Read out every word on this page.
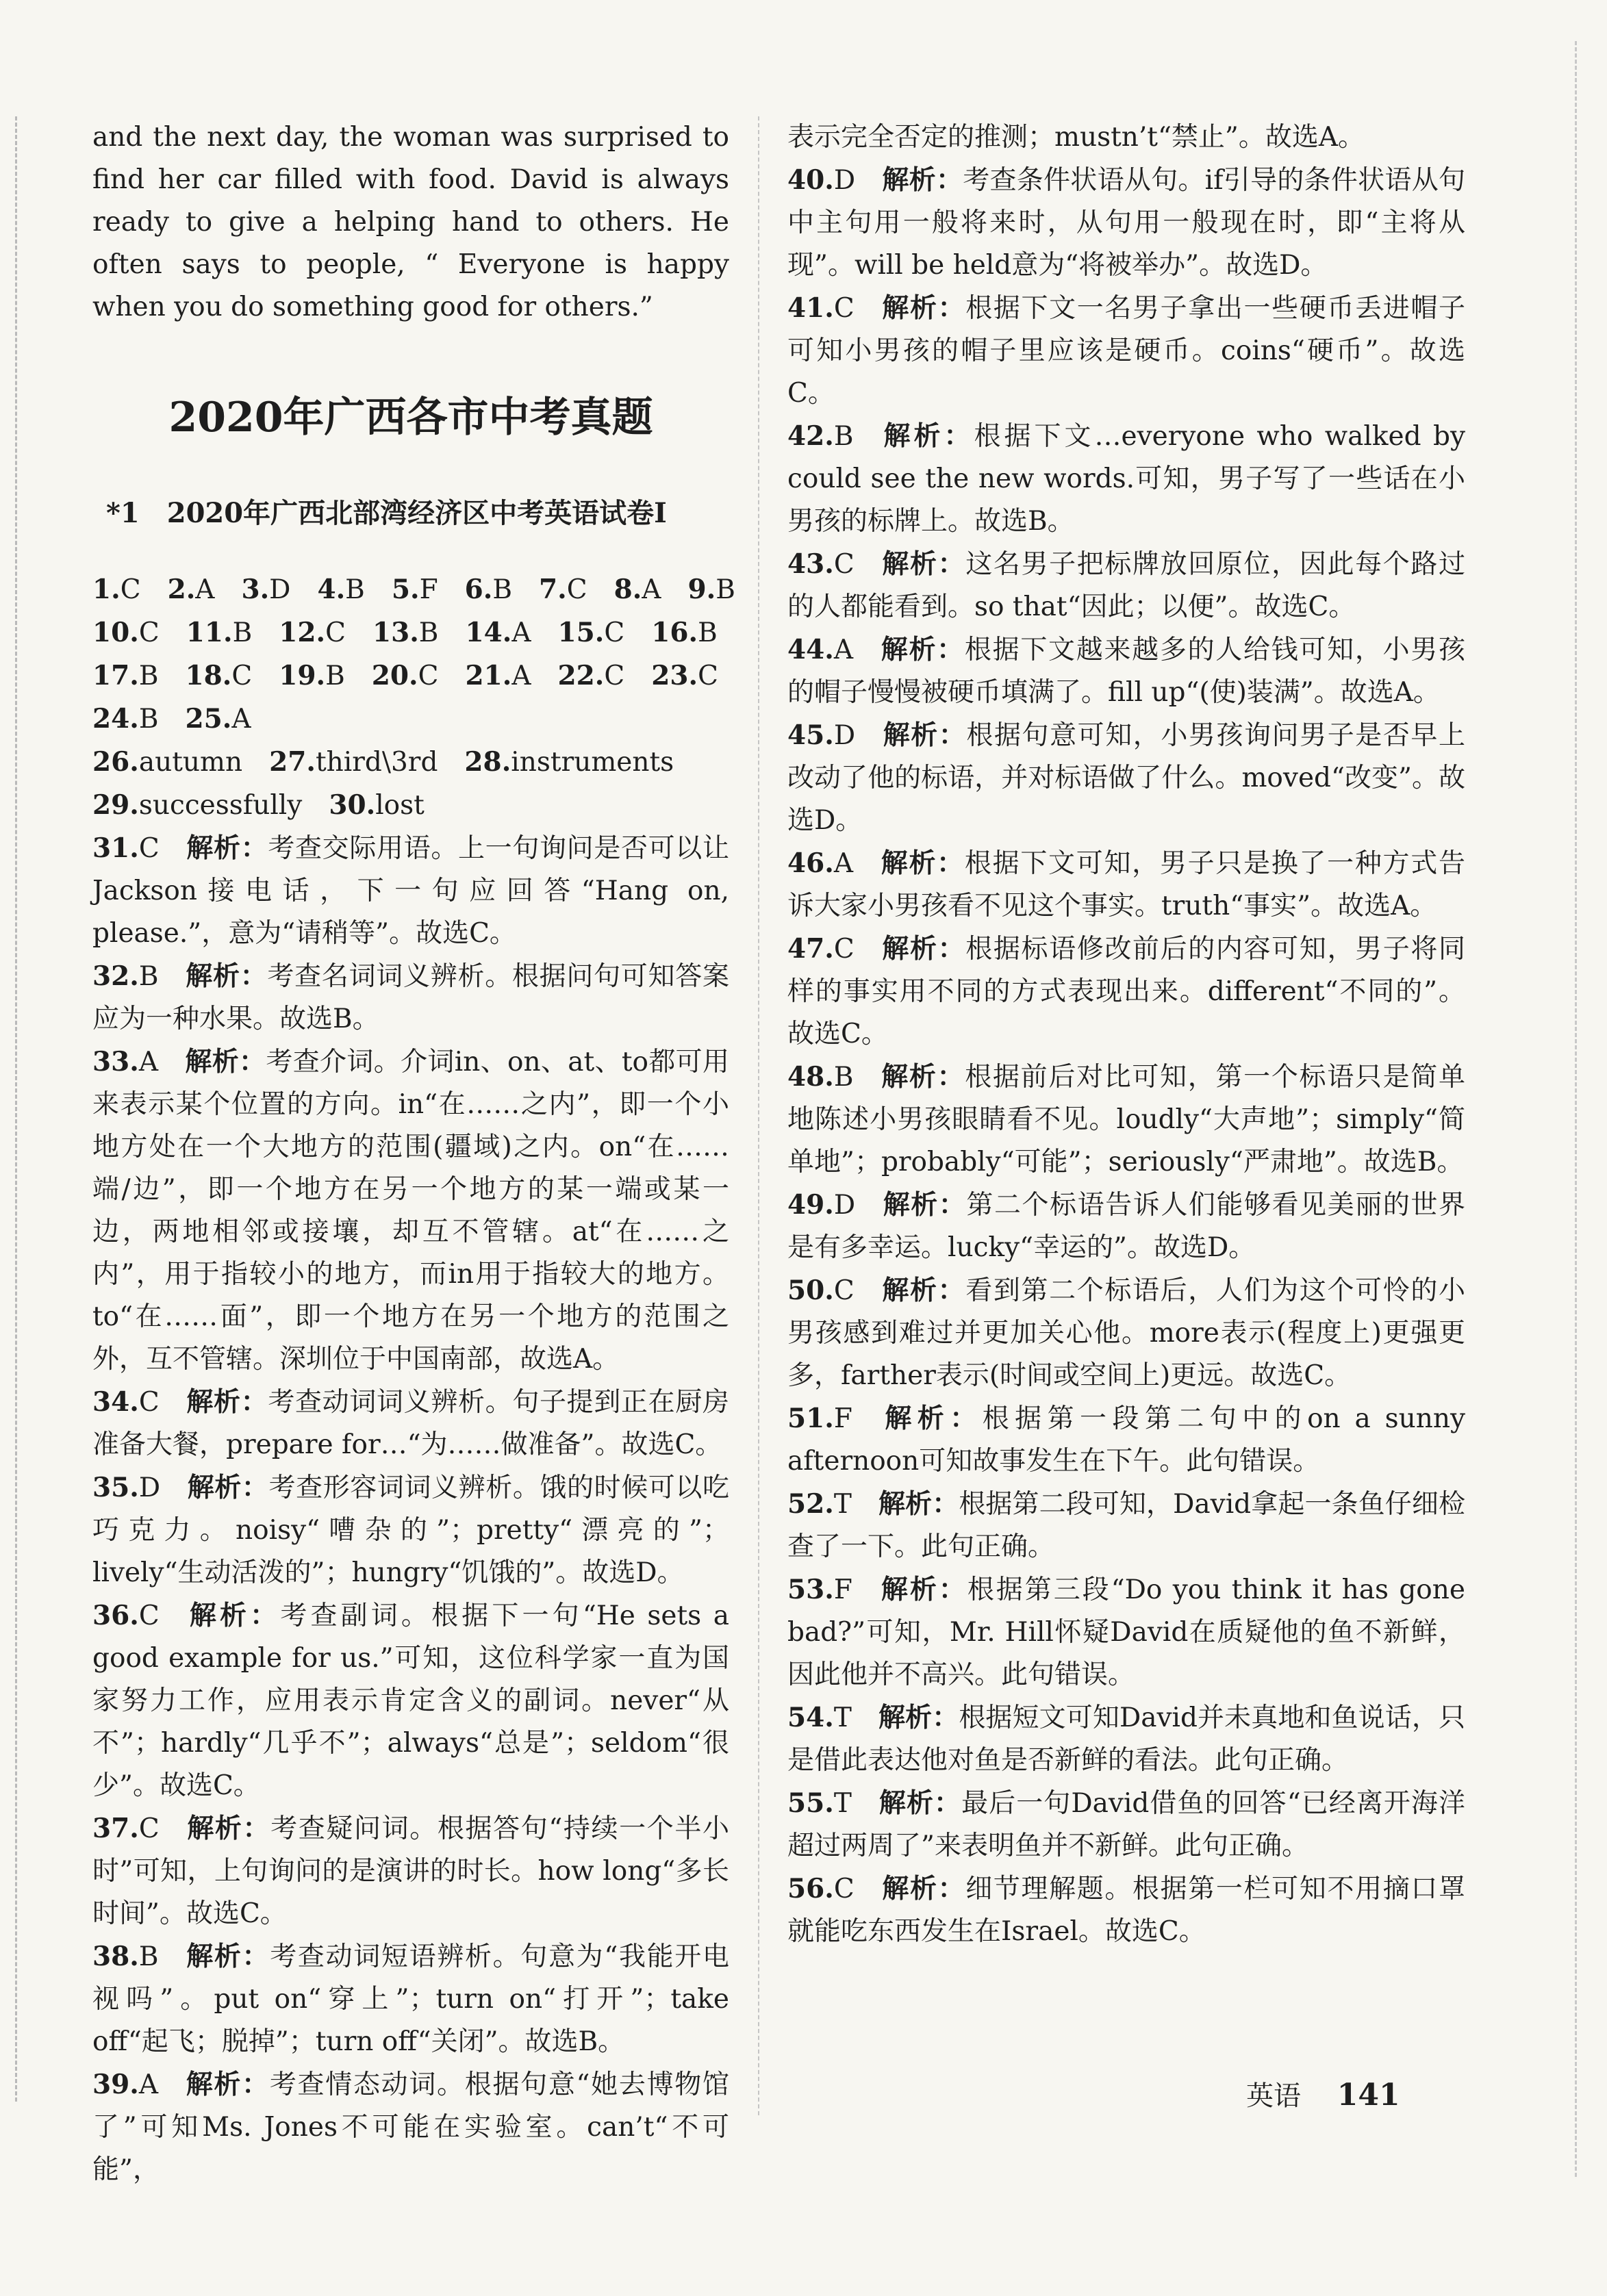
and the next day, the woman was surprised to find her car filled with food. David is always ready to give a helping hand to others. He often says to people, “ Everyone is happy when you do something good for others.”

2020年广西各市中考真题
*1　2020年广西北部湾经济区中考英语试卷Ⅰ
1.C  2.A  3.D  4.B  5.F  6.B  7.C  8.A  9.B
10.C  11.B  12.C  13.B  14.A  15.C  16.B
17.B  18.C  19.B  20.C  21.A  22.C  23.C
24.B  25.A
26.autumn  27.third\3rd  28.instruments
29.successfully  30.lost

31.C  解析：考查交际用语。上一句询问是否可以让Jackson接电话，下一句应回答“Hang on, please.”，意为“请稍等”。故选C。

32.B  解析：考查名词词义辨析。根据问句可知答案应为一种水果。故选B。

33.A  解析：考查介词。介词in、on、at、to都可用来表示某个位置的方向。in“在……之内”，即一个小地方处在一个大地方的范围(疆域)之内。on“在……端/边”，即一个地方在另一个地方的某一端或某一边，两地相邻或接壤，却互不管辖。at“在……之内”，用于指较小的地方，而in用于指较大的地方。to“在……面”，即一个地方在另一个地方的范围之外，互不管辖。深圳位于中国南部，故选A。

34.C  解析：考查动词词义辨析。句子提到正在厨房准备大餐，prepare for…“为……做准备”。故选C。

35.D  解析：考查形容词词义辨析。饿的时候可以吃巧克力。noisy“嘈杂的”；pretty“漂亮的”；lively“生动活泼的”；hungry“饥饿的”。故选D。

36.C  解析：考查副词。根据下一句“He sets a good example for us.”可知，这位科学家一直为国家努力工作，应用表示肯定含义的副词。never“从不”；hardly“几乎不”；always“总是”；seldom“很少”。故选C。

37.C  解析：考查疑问词。根据答句“持续一个半小时”可知，上句询问的是演讲的时长。how long“多长时间”。故选C。

38.B  解析：考查动词短语辨析。句意为“我能开电视吗”。put on“穿上”；turn on“打开”；take off“起飞；脱掉”；turn off“关闭”。故选B。

39.A  解析：考查情态动词。根据句意“她去博物馆了”可知Ms. Jones不可能在实验室。can’t“不可能”，

表示完全否定的推测；mustn’t“禁止”。故选A。

40.D  解析：考查条件状语从句。if引导的条件状语从句中主句用一般将来时，从句用一般现在时，即“主将从现”。will be held意为“将被举办”。故选D。

41.C  解析：根据下文一名男子拿出一些硬币丢进帽子可知小男孩的帽子里应该是硬币。coins“硬币”。故选C。

42.B  解析：根据下文…everyone who walked by could see the new words.可知，男子写了一些话在小男孩的标牌上。故选B。

43.C  解析：这名男子把标牌放回原位，因此每个路过的人都能看到。so that“因此；以便”。故选C。

44.A  解析：根据下文越来越多的人给钱可知，小男孩的帽子慢慢被硬币填满了。fill up“(使)装满”。故选A。

45.D  解析：根据句意可知，小男孩询问男子是否早上改动了他的标语，并对标语做了什么。moved“改变”。故选D。

46.A  解析：根据下文可知，男子只是换了一种方式告诉大家小男孩看不见这个事实。truth“事实”。故选A。

47.C  解析：根据标语修改前后的内容可知，男子将同样的事实用不同的方式表现出来。different“不同的”。故选C。

48.B  解析：根据前后对比可知，第一个标语只是简单地陈述小男孩眼睛看不见。loudly“大声地”；simply“简单地”；probably“可能”；seriously“严肃地”。故选B。

49.D  解析：第二个标语告诉人们能够看见美丽的世界是有多幸运。lucky“幸运的”。故选D。

50.C  解析：看到第二个标语后，人们为这个可怜的小男孩感到难过并更加关心他。more表示(程度上)更强更多，farther表示(时间或空间上)更远。故选C。

51.F  解析：根据第一段第二句中的on a sunny afternoon可知故事发生在下午。此句错误。

52.T  解析：根据第二段可知，David拿起一条鱼仔细检查了一下。此句正确。

53.F  解析：根据第三段“Do you think it has gone bad?”可知，Mr. Hill怀疑David在质疑他的鱼不新鲜，因此他并不高兴。此句错误。

54.T  解析：根据短文可知David并未真地和鱼说话，只是借此表达他对鱼是否新鲜的看法。此句正确。

55.T  解析：最后一句David借鱼的回答“已经离开海洋超过两周了”来表明鱼并不新鲜。此句正确。

56.C  解析：细节理解题。根据第一栏可知不用摘口罩就能吃东西发生在Israel。故选C。

英语 141
